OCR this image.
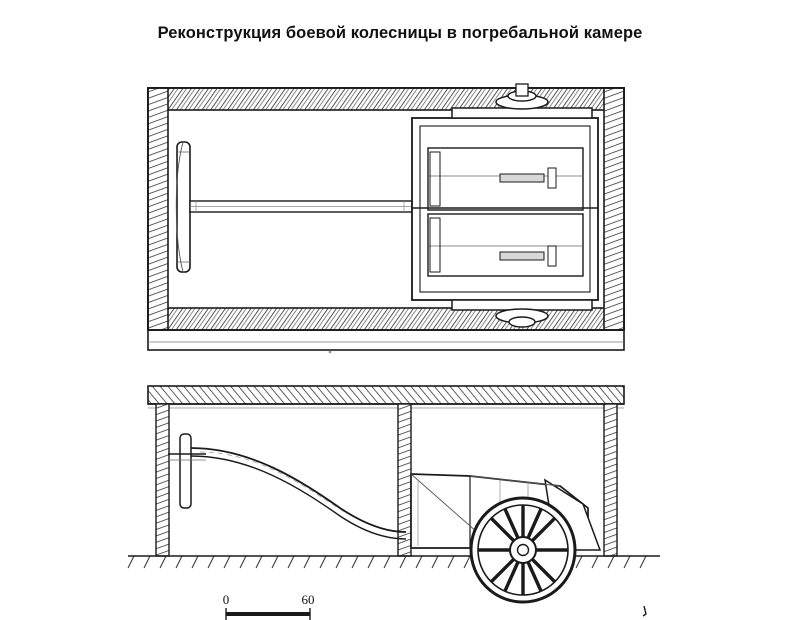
Реконструкция боевой колесницы в погребальной камере
0	60
